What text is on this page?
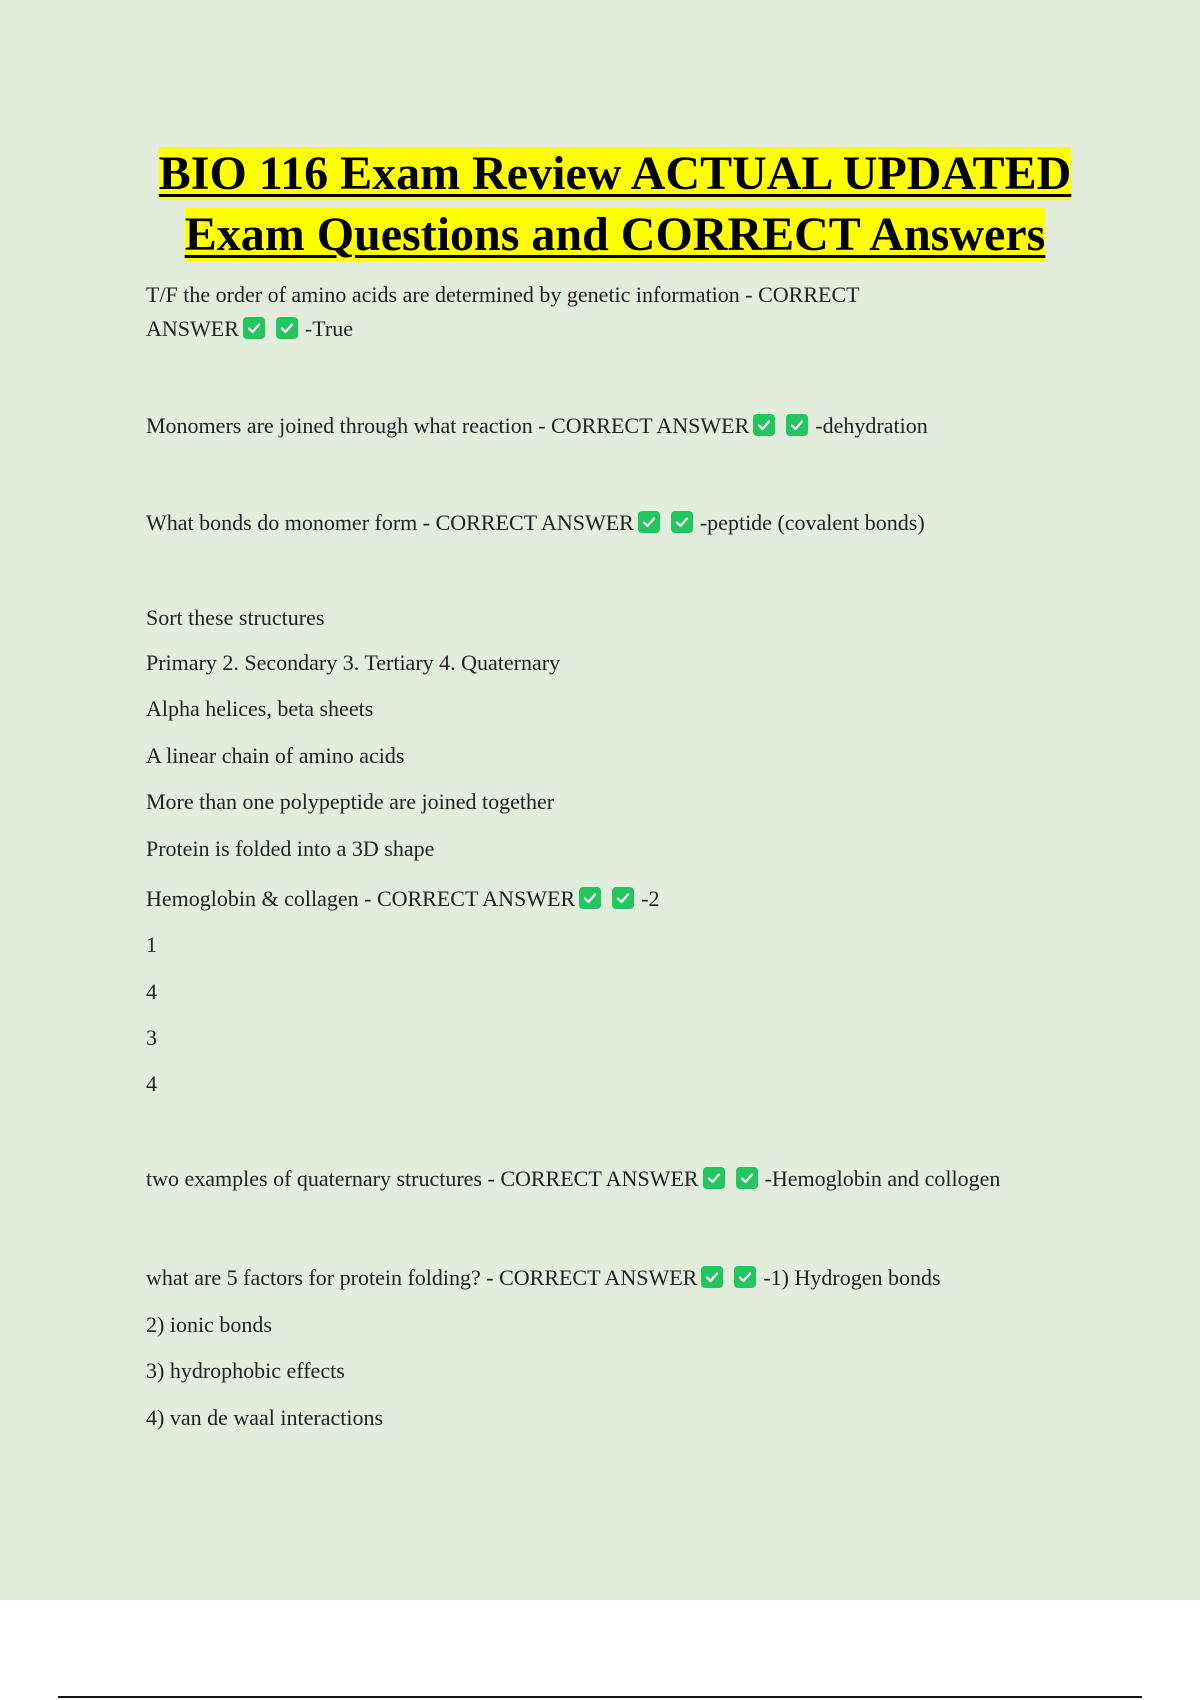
BIO 116 Exam Review ACTUAL UPDATED
Exam Questions and CORRECT Answers
T/F the order of amino acids are determined by genetic information - CORRECT
ANSWER	-True
Monomers are joined through what reaction - CORRECT ANSWER	-dehydration
What bonds do monomer form - CORRECT ANSWER	-peptide (covalent bonds)
Sort these structures
Primary 2. Secondary 3. Tertiary 4. Quaternary
Alpha helices, beta sheets
A linear chain of amino acids
More than one polypeptide are joined together
Protein is folded into a 3D shape
Hemoglobin & collagen - CORRECT ANSWER	-2
1
4
3
4
two examples of quaternary structures - CORRECT ANSWER	-Hemoglobin and collogen
what are 5 factors for protein folding? - CORRECT ANSWER	-1) Hydrogen bonds
2) ionic bonds
3) hydrophobic effects
4) van de waal interactions
